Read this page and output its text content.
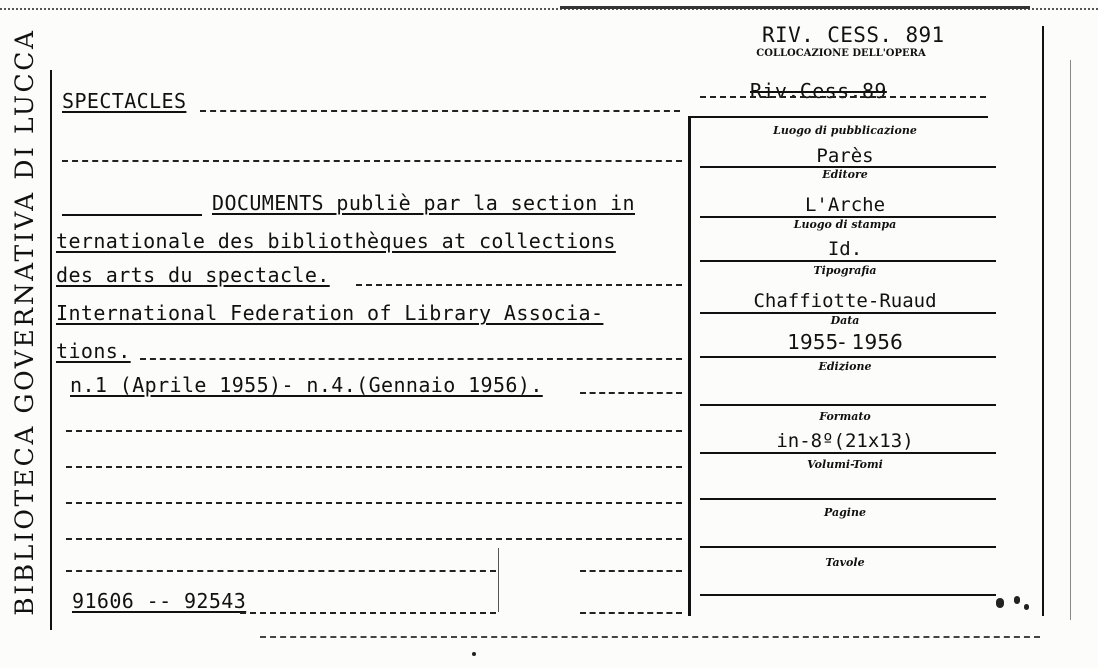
BIBLIOTECA GOVERNATIVA DI LUCCA	RIV. CESS. 891
COLLOCAZIONE DELL'OPERA
Riv.Cess.89
SPECTACLES
DOCUMENTS publiè par la section in
ternationale des bibliothèques at collections
des arts du spectacle.
International Federation of Library Associa-
tions.
n.1 (Aprile 1955)- n.4.(Gennaio 1956).
91606 -- 92543
Luogo di pubblicazione
Parès
Editore
L'Arche
Luogo di stampa
Id.
Tipografia
Chaffiotte-Ruaud
Data
1955- 1956
Edizione
Formato
in-8º(21x13)
Volumi-Tomi
Pagine
Tavole
